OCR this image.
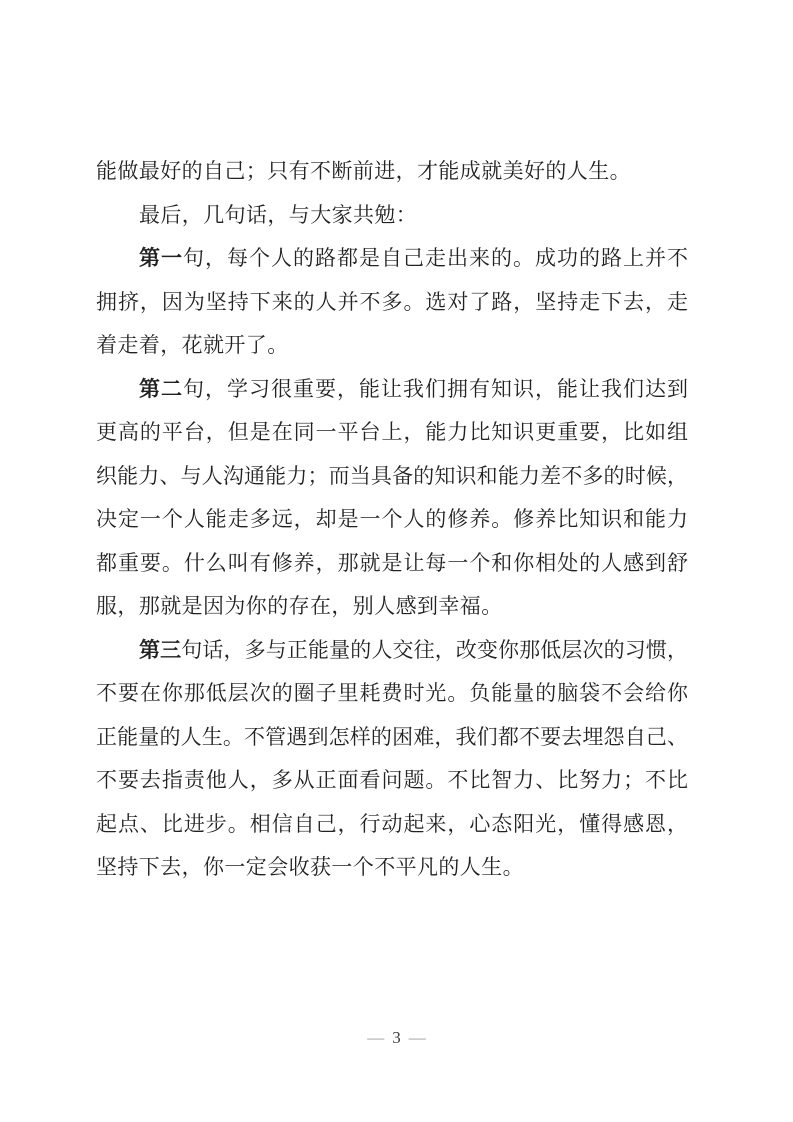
能做最好的自己；只有不断前进，才能成就美好的人生。
最后，几句话，与大家共勉：
第一句，每个人的路都是自己走出来的。成功的路上并不
拥挤，因为坚持下来的人并不多。选对了路，坚持走下去，走
着走着，花就开了。
第二句，学习很重要，能让我们拥有知识，能让我们达到
更高的平台，但是在同一平台上，能力比知识更重要，比如组
织能力、与人沟通能力；而当具备的知识和能力差不多的时候，
决定一个人能走多远，却是一个人的修养。修养比知识和能力
都重要。什么叫有修养，那就是让每一个和你相处的人感到舒
服，那就是因为你的存在，别人感到幸福。
第三句话，多与正能量的人交往，改变你那低层次的习惯，
不要在你那低层次的圈子里耗费时光。负能量的脑袋不会给你
正能量的人生。不管遇到怎样的困难，我们都不要去埋怨自己、
不要去指责他人，多从正面看问题。不比智力、比努力；不比
起点、比进步。相信自己，行动起来，心态阳光，懂得感恩，
坚持下去，你一定会收获一个不平凡的人生。
— 3 —
